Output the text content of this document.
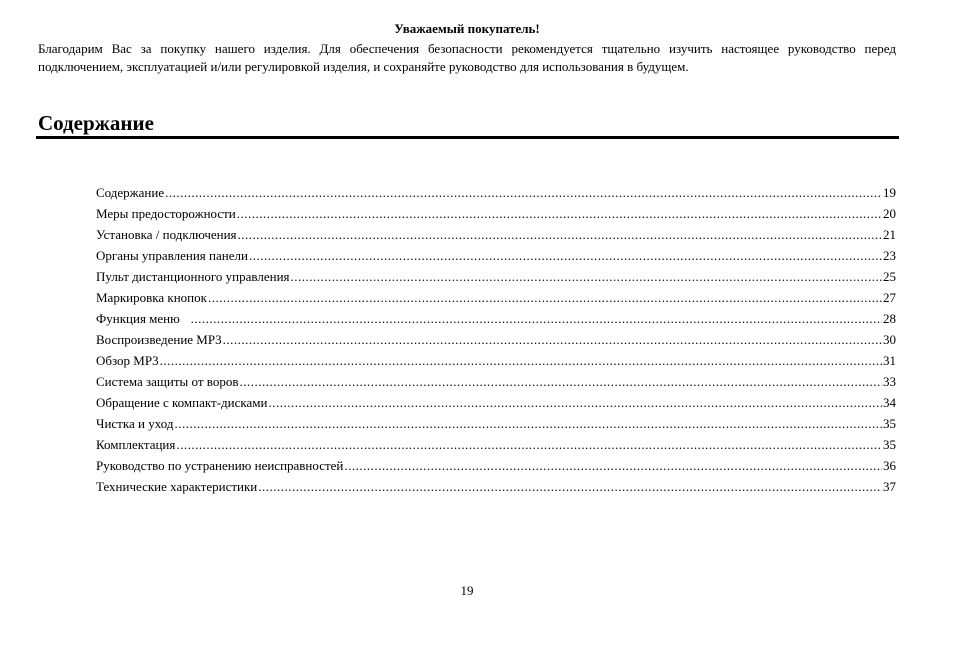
Уважаемый покупатель!
Благодарим Вас за покупку нашего изделия. Для обеспечения безопасности рекомендуется тщательно изучить настоящее руководство перед подключением, эксплуатацией и/или регулировкой изделия, и сохраняйте руководство для использования в будущем.
Содержание
Содержание .....	19
Меры предосторожности .....	20
Установка / подключения .....	21
Органы управления панели .....	23
Пульт дистанционного управления .....	25
Маркировка кнопок .....	27
Функция меню .....	28
Воспроизведение MP3 .....	30
Обзор MP3 .....	31
Система защиты от воров .....	33
Обращение с компакт-дисками .....	34
Чистка и уход .....	35
Комплектация .....	35
Руководство по устранению неисправностей .....	36
Технические характеристики .....	37
19
